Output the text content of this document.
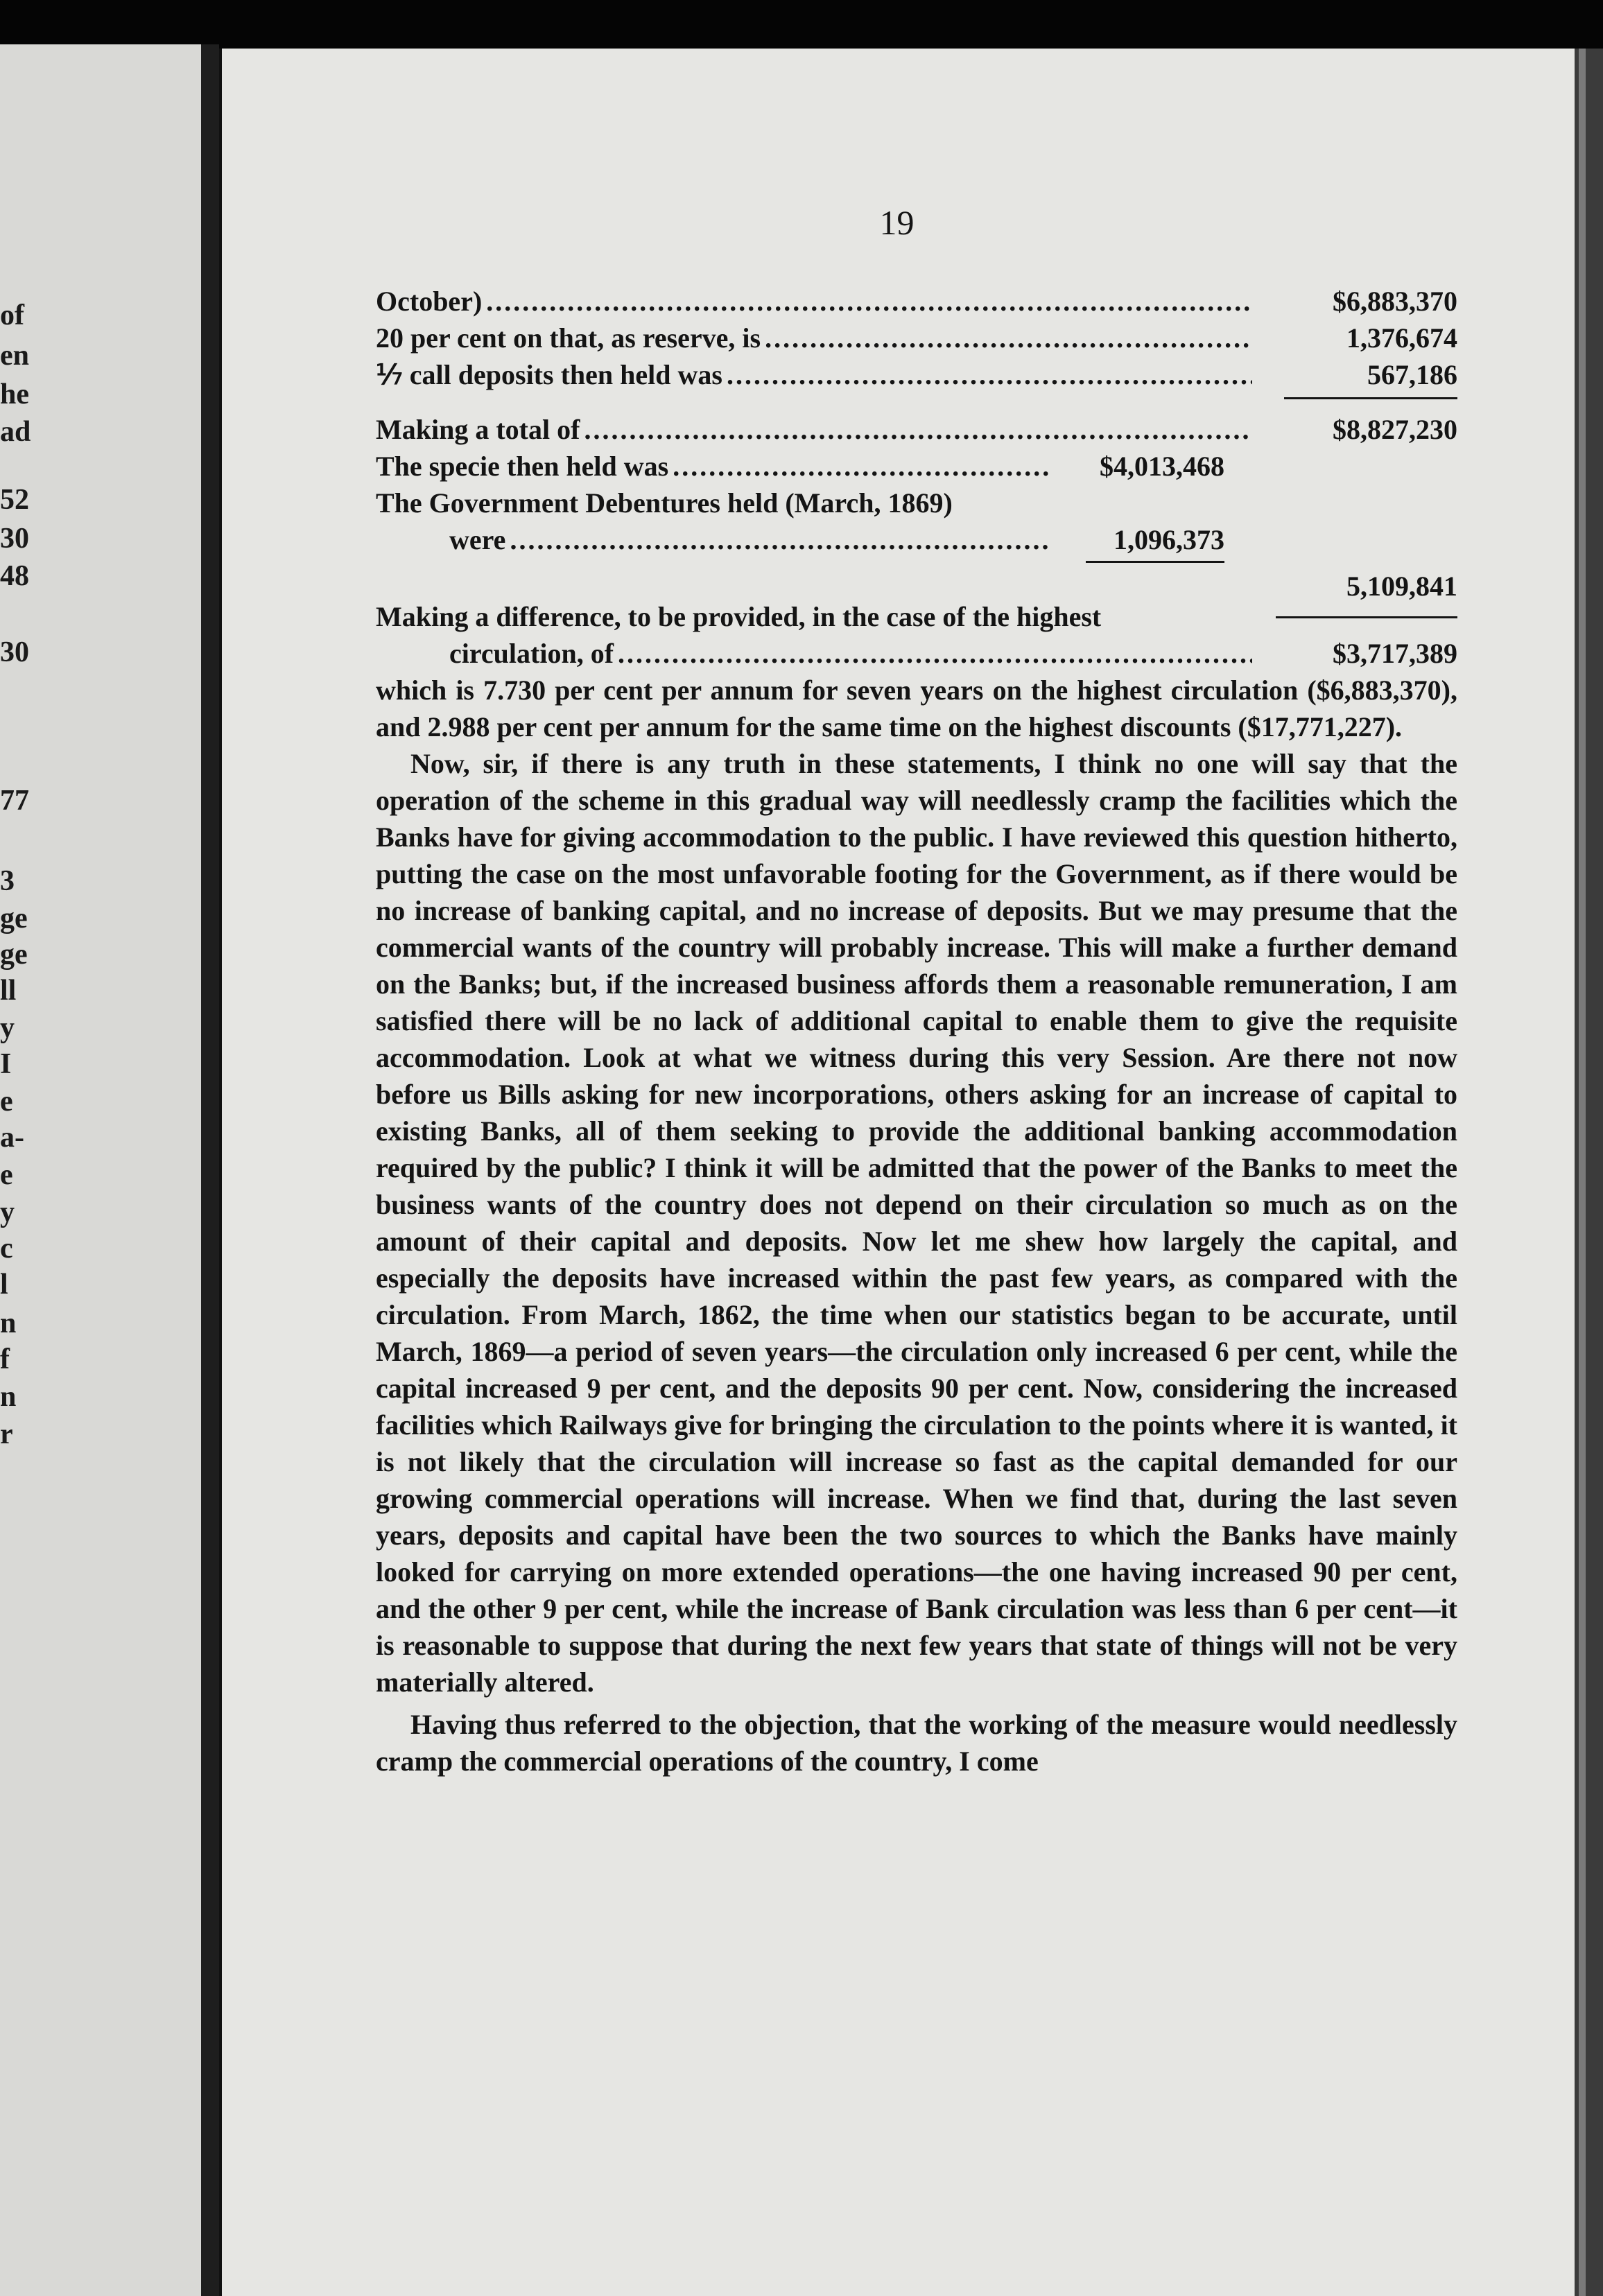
of
en
he
ad
52
30
48
30
77
3
ge
ge
ll
y
I
e
a-
e
y
c
l
n
f
n
r
19
October) .....	$6,883,370
20 per cent on that, as reserve, is .....	1,376,674
⅐ call deposits then held was .....	567,186
Making a total of .....	$8,827,230
The specie then held was .....	$4,013,468
The Government Debentures held (March, 1869)
were .....	1,096,373
5,109,841
Making a difference, to be provided, in the case of the highest
circulation, of .....	$3,717,389

which is 7.730 per cent per annum for seven years on the highest circulation ($6,883,370), and 2.988 per cent per annum for the same time on the highest discounts ($17,771,227).

Now, sir, if there is any truth in these statements, I think no one will say that the operation of the scheme in this gradual way will needlessly cramp the facilities which the Banks have for giving accommodation to the public. I have reviewed this question hitherto, putting the case on the most unfavorable footing for the Government, as if there would be no increase of banking capital, and no increase of deposits. But we may presume that the commercial wants of the country will probably increase. This will make a further demand on the Banks; but, if the increased business affords them a reasonable remuneration, I am satisfied there will be no lack of additional capital to enable them to give the requisite accommodation. Look at what we witness during this very Session. Are there not now before us Bills asking for new incorporations, others asking for an increase of capital to existing Banks, all of them seeking to provide the additional banking accommodation required by the public? I think it will be admitted that the power of the Banks to meet the business wants of the country does not depend on their circulation so much as on the amount of their capital and deposits. Now let me shew how largely the capital, and especially the deposits have increased within the past few years, as compared with the circulation. From March, 1862, the time when our statistics began to be accurate, until March, 1869—a period of seven years—the circulation only increased 6 per cent, while the capital increased 9 per cent, and the deposits 90 per cent. Now, considering the increased facilities which Railways give for bringing the circulation to the points where it is wanted, it is not likely that the circulation will increase so fast as the capital demanded for our growing commercial operations will increase. When we find that, during the last seven years, deposits and capital have been the two sources to which the Banks have mainly looked for carrying on more extended operations—the one having increased 90 per cent, and the other 9 per cent, while the increase of Bank circulation was less than 6 per cent—it is reasonable to suppose that during the next few years that state of things will not be very materially altered.

Having thus referred to the objection, that the working of the measure would needlessly cramp the commercial operations of the country, I come
